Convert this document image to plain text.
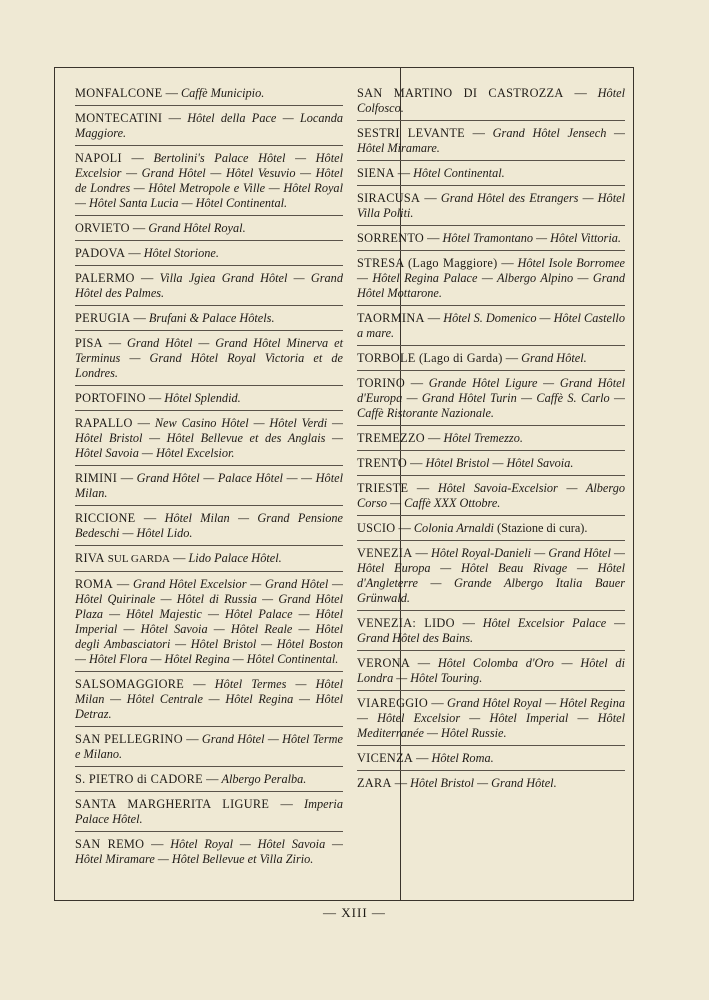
MONFALCONE — Caffè Municipio.
MONTECATINI — Hôtel della Pace — Locanda Maggiore.
NAPOLI — Bertolini's Palace Hôtel — Hôtel Excelsior — Grand Hôtel — Hôtel Vesuvio — Hôtel de Londres — Hôtel Metropole e Ville — Hôtel Royal — Hôtel Santa Lucia — Hôtel Continental.
ORVIETO — Grand Hôtel Royal.
PADOVA — Hôtel Storione.
PALERMO — Villa Jgiea Grand Hôtel — Grand Hôtel des Palmes.
PERUGIA — Brufani & Palace Hôtels.
PISA — Grand Hôtel — Grand Hôtel Minerva et Terminus — Grand Hôtel Royal Victoria et de Londres.
PORTOFINO — Hôtel Splendid.
RAPALLO — New Casino Hôtel — Hôtel Verdi — Hôtel Bristol — Hôtel Bellevue et des Anglais — Hôtel Savoia — Hôtel Excelsior.
RIMINI — Grand Hôtel — Palace Hôtel — — Hôtel Milan.
RICCIONE — Hôtel Milan — Grand Pensione Bedeschi — Hôtel Lido.
RIVA SUL GARDA — Lido Palace Hôtel.
ROMA — Grand Hôtel Excelsior — Grand Hôtel — Hôtel Quirinale — Hôtel di Russia — Grand Hôtel Plaza — Hôtel Majestic — Hôtel Palace — Hôtel Imperial — Hôtel Savoia — Hôtel Reale — Hôtel degli Ambasciatori — Hôtel Bristol — Hôtel Boston — Hôtel Flora — Hôtel Regina — Hôtel Continental.
SALSOMAGGIORE — Hôtel Termes — Hôtel Milan — Hôtel Centrale — Hôtel Regina — Hôtel Detraz.
SAN PELLEGRINO — Grand Hôtel — Hôtel Terme e Milano.
S. PIETRO di CADORE — Albergo Peralba.
SANTA MARGHERITA LIGURE — Imperia Palace Hôtel.
SAN REMO — Hôtel Royal — Hôtel Savoia — Hôtel Miramare — Hôtel Bellevue et Villa Zirio.
SAN MARTINO DI CASTROZZA — Hôtel Colfosco.
SESTRI LEVANTE — Grand Hôtel Jensech — Hôtel Miramare.
SIENA — Hôtel Continental.
SIRACUSA — Grand Hôtel des Etrangers — Hôtel Villa Politi.
SORRENTO — Hôtel Tramontano — Hôtel Vittoria.
STRESA (Lago Maggiore) — Hôtel Isole Borromee — Hôtel Regina Palace — Albergo Alpino — Grand Hôtel Mottarone.
TAORMINA — Hôtel S. Domenico — Hôtel Castello a mare.
TORBOLE (Lago di Garda) — Grand Hôtel.
TORINO — Grande Hôtel Ligure — Grand Hôtel d'Europa — Grand Hôtel Turin — Caffè S. Carlo — Caffè Ristorante Nazionale.
TREMEZZO — Hôtel Tremezzo.
TRENTO — Hôtel Bristol — Hôtel Savoia.
TRIESTE — Hôtel Savoia-Excelsior — Albergo Corso — Caffè XXX Ottobre.
USCIO — Colonia Arnaldi (Stazione di cura).
VENEZIA — Hôtel Royal-Danieli — Grand Hôtel — Hôtel Europa — Hôtel Beau Rivage — Hôtel d'Angleterre — Grande Albergo Italia Bauer Grünwald.
VENEZIA: LIDO — Hôtel Excelsior Palace — Grand Hôtel des Bains.
VERONA — Hôtel Colomba d'Oro — Hôtel di Londra — Hôtel Touring.
VIAREGGIO — Grand Hôtel Royal — Hôtel Regina — Hôtel Excelsior — Hôtel Imperial — Hôtel Mediterranée — Hôtel Russie.
VICENZA — Hôtel Roma.
ZARA — Hôtel Bristol — Grand Hôtel.
— XIII —
